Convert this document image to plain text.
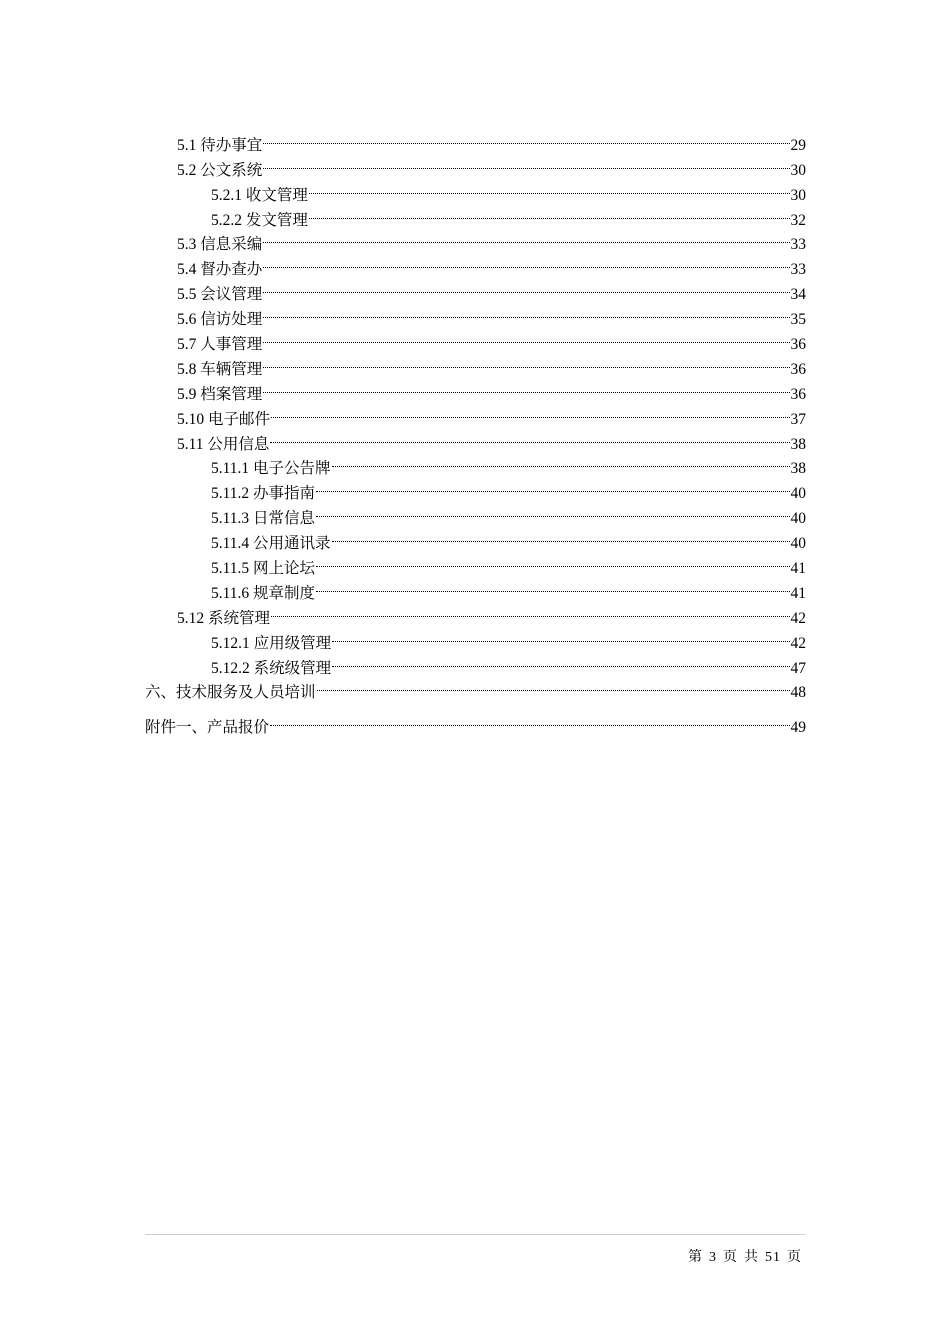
5.1 待办事宜	29
5.2 公文系统	30
5.2.1 收文管理	30
5.2.2 发文管理	32
5.3 信息采编	33
5.4 督办查办	33
5.5 会议管理	34
5.6 信访处理	35
5.7 人事管理	36
5.8 车辆管理	36
5.9 档案管理	36
5.10 电子邮件	37
5.11 公用信息	38
5.11.1 电子公告牌	38
5.11.2 办事指南	40
5.11.3 日常信息	40
5.11.4 公用通讯录	40
5.11.5 网上论坛	41
5.11.6 规章制度	41
5.12 系统管理	42
5.12.1 应用级管理	42
5.12.2 系统级管理	47
六、技术服务及人员培训	48
附件一、产品报价	49
第 3 页 共 51 页
